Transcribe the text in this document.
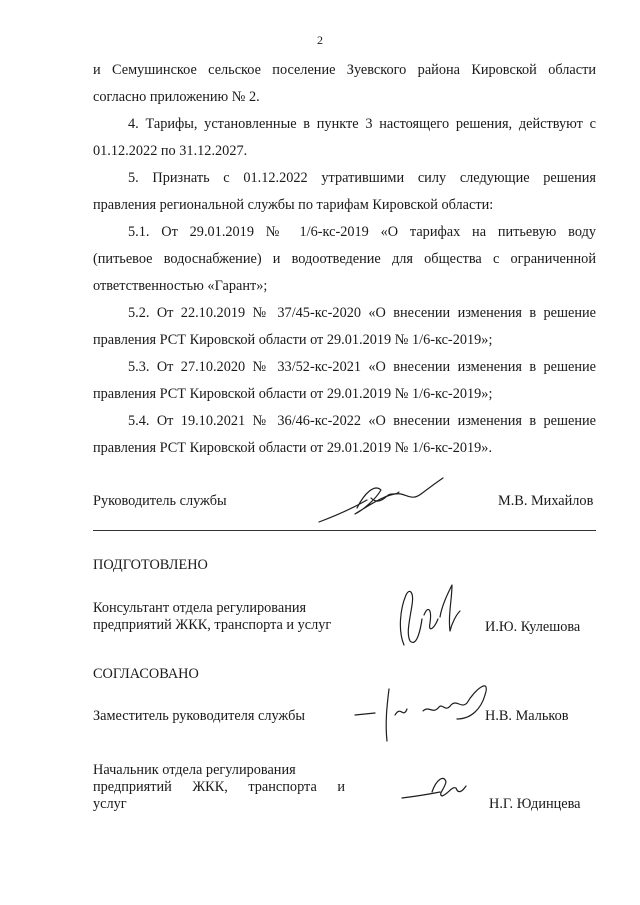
2

и Семушинское сельское поселение Зуевского района Кировской области
согласно приложению № 2.

4. Тарифы, установленные в пункте 3 настоящего решения, действуют с
01.12.2022 по 31.12.2027.

5. Признать с 01.12.2022 утратившими силу следующие решения
правления региональной службы по тарифам Кировской области:

5.1. От 29.01.2019 № 1/6-кс-2019 «О тарифах на питьевую воду
(питьевое водоснабжение) и водоотведение для общества с ограниченной
ответственностью «Гарант»;

5.2. От 22.10.2019 № 37/45-кс-2020 «О внесении изменения в решение
правления РСТ Кировской области от 29.01.2019 № 1/6-кс-2019»;

5.3. От 27.10.2020 № 33/52-кс-2021 «О внесении изменения в решение
правления РСТ Кировской области от 29.01.2019 № 1/6-кс-2019»;

5.4. От 19.10.2021 № 36/46-кс-2022 «О внесении изменения в решение
правления РСТ Кировской области от 29.01.2019 № 1/6-кс-2019».

Руководитель службы	М.В. Михайлов
ПОДГОТОВЛЕНО
Консультант отдела регулирования
предприятий ЖКК, транспорта и услуг	И.Ю. Кулешова
СОГЛАСОВАНО
Заместитель руководителя службы	Н.В. Мальков
Начальник отдела регулирования
предприятий ЖКК, транспорта и
услуг	Н.Г. Юдинцева
